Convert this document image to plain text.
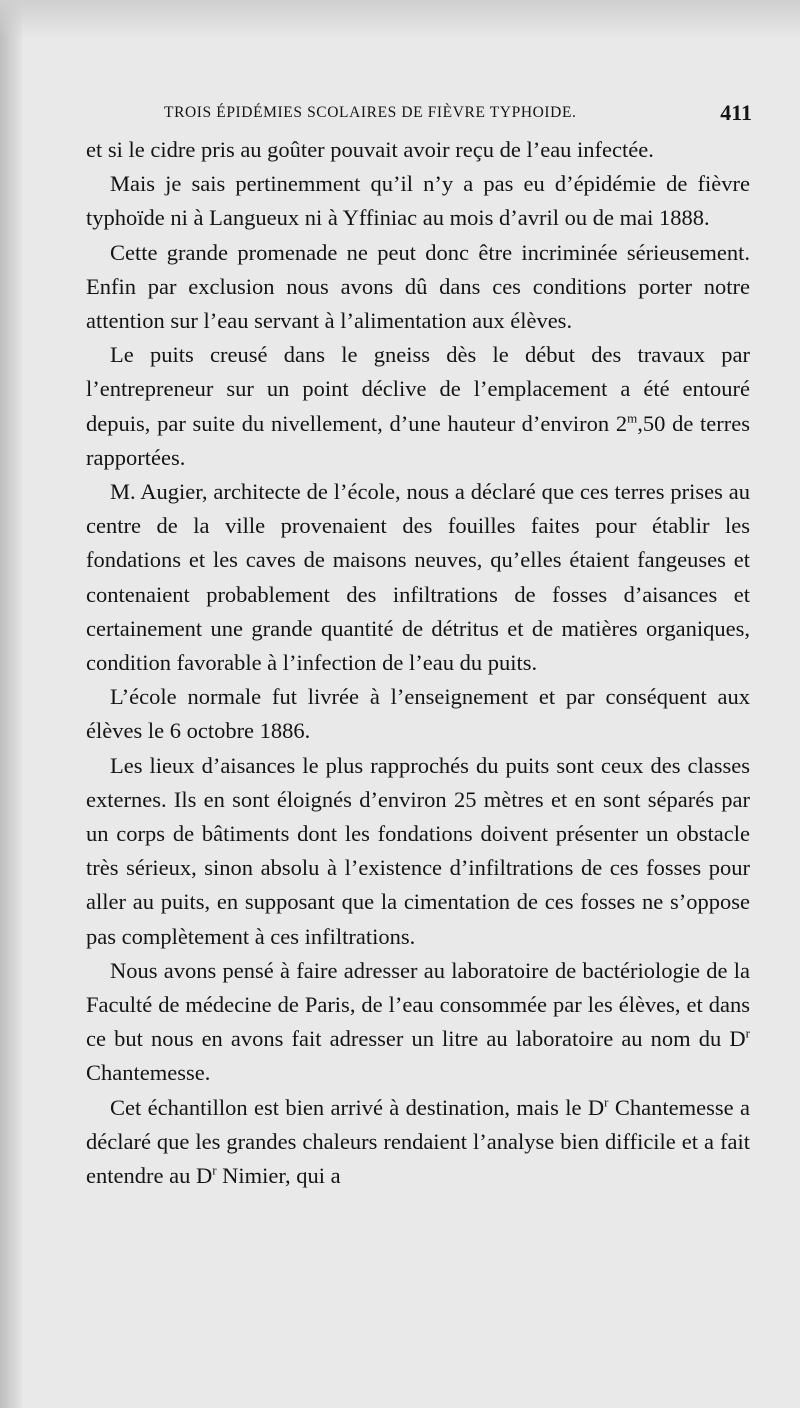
TROIS ÉPIDÉMIES SCOLAIRES DE FIÈVRE TYPHOIDE.	411

et si le cidre pris au goûter pouvait avoir reçu de l’eau infectée.

Mais je sais pertinemment qu’il n’y a pas eu d’épidémie de fièvre typhoïde ni à Langueux ni à Yffiniac au mois d’avril ou de mai 1888.

Cette grande promenade ne peut donc être incriminée sérieusement. Enfin par exclusion nous avons dû dans ces conditions porter notre attention sur l’eau servant à l’alimentation aux élèves.

Le puits creusé dans le gneiss dès le début des travaux par l’entrepreneur sur un point déclive de l’emplacement a été entouré depuis, par suite du nivellement, d’une hauteur d’environ 2$^m$,50 de terres rapportées.

M. Augier, architecte de l’école, nous a déclaré que ces terres prises au centre de la ville provenaient des fouilles faites pour établir les fondations et les caves de maisons neuves, qu’elles étaient fangeuses et contenaient probablement des infiltrations de fosses d’aisances et certainement une grande quantité de détritus et de matières organiques, condition favorable à l’infection de l’eau du puits.

L’école normale fut livrée à l’enseignement et par conséquent aux élèves le 6 octobre 1886.

Les lieux d’aisances le plus rapprochés du puits sont ceux des classes externes. Ils en sont éloignés d’environ 25 mètres et en sont séparés par un corps de bâtiments dont les fondations doivent présenter un obstacle très sérieux, sinon absolu à l’existence d’infiltrations de ces fosses pour aller au puits, en supposant que la cimentation de ces fosses ne s’oppose pas complètement à ces infiltrations.

Nous avons pensé à faire adresser au laboratoire de bactériologie de la Faculté de médecine de Paris, de l’eau consommée par les élèves, et dans ce but nous en avons fait adresser un litre au laboratoire au nom du $D^r$ Chantemesse.

Cet échantillon est bien arrivé à destination, mais le $D^r$ Chantemesse a déclaré que les grandes chaleurs rendaient l’analyse bien difficile et a fait entendre au $D^r$ Nimier, qui a
